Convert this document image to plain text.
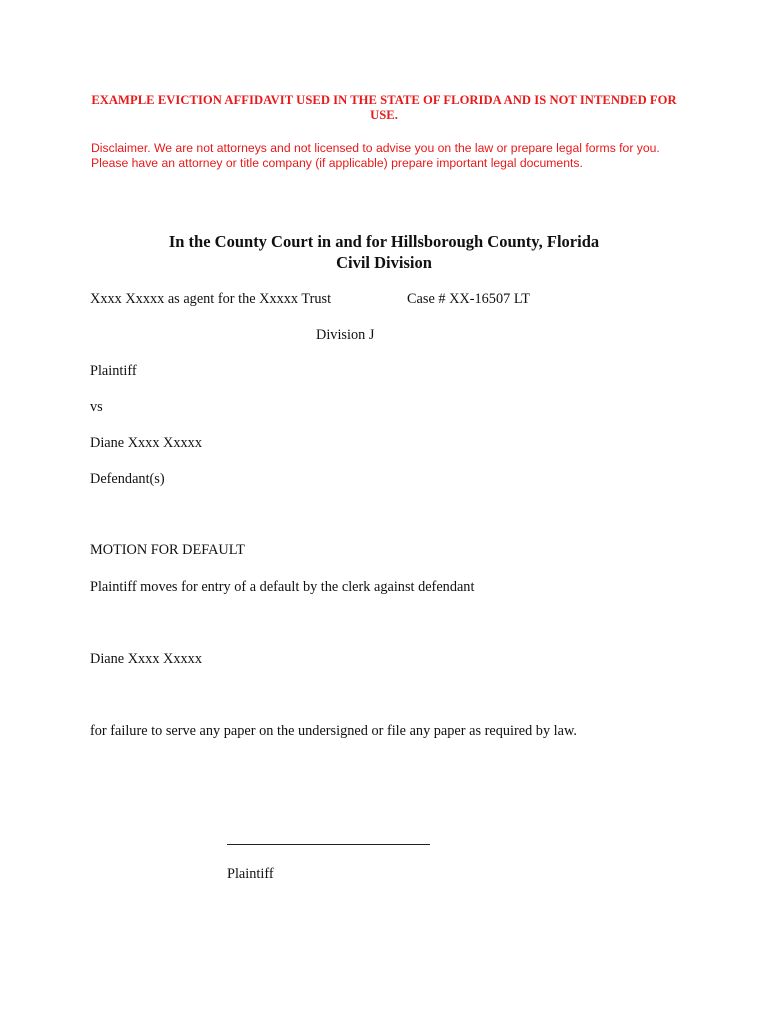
EXAMPLE EVICTION AFFIDAVIT USED IN THE STATE OF FLORIDA AND IS NOT INTENDED FOR USE.
Disclaimer. We are not attorneys and not licensed to advise you on the law or prepare legal forms for you. Please have an attorney or title company (if applicable) prepare important legal documents.
In the County Court in and for Hillsborough County, Florida
Civil Division
Xxxx Xxxxx as agent for the Xxxxx Trust	Case # XX-16507 LT
Division J
Plaintiff
vs
Diane Xxxx Xxxxx
Defendant(s)
MOTION FOR DEFAULT
Plaintiff moves for entry of a default by the clerk against defendant
Diane Xxxx Xxxxx
for failure to serve any paper on the undersigned or file any paper as required by law.
Plaintiff
